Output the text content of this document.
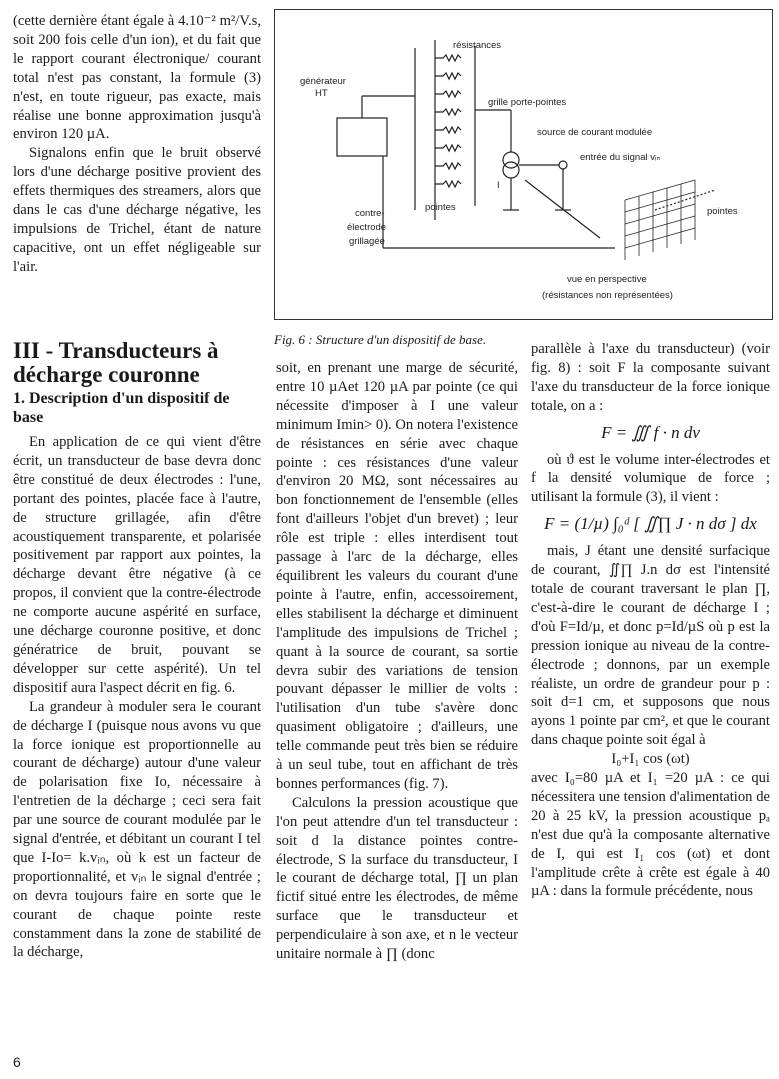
(cette dernière étant égale à 4.10⁻² m²/V.s, soit 200 fois celle d'un ion), et du fait que le rapport courant électronique/ courant total n'est pas constant, la formule (3) n'est, en toute rigueur, pas exacte, mais réalise une bonne approximation jusqu'à environ 120 µA.

Signalons enfin que le bruit observé lors d'une décharge positive provient des effets thermiques des streamers, alors que dans le cas d'une décharge négative, les impulsions de Trichel, étant de nature capacitive, ont un effet négligeable sur l'air.

III - Transducteurs à décharge couronne
1. Description d'un dispositif de base

En application de ce qui vient d'être écrit, un transducteur de base devra donc être constitué de deux électrodes : l'une, portant des pointes, placée face à l'autre, de structure grillagée, afin d'être acoustiquement transparente, et polarisée positivement par rapport aux pointes, la décharge devant être négative (à ce propos, il convient que la contre-électrode ne comporte aucune aspérité en surface, une décharge couronne positive, et donc génératrice de bruit, pouvant se développer sur cette aspérité). Un tel dispositif aura l'aspect décrit en fig. 6.

La grandeur à moduler sera le courant de décharge I (puisque nous avons vu que la force ionique est proportionnelle au courant de décharge) autour d'une valeur de polarisation fixe Io, nécessaire à l'entretien de la décharge ; ceci sera fait par une source de courant modulée par le signal d'entrée, et débitant un courant I tel que I-Io= k.vᵢₙ, où k est un facteur de proportionnalité, et vᵢₙ le signal d'entrée ; on devra toujours faire en sorte que le courant de chaque pointe reste constamment dans la zone de stabilité de la décharge,

résistances
générateur
HT
grille porte-pointes
source de courant modulée
entrée du signal vᵢₙ
I
pointes
contre-
électrode
grillagée
pointes
vue en perspective
(résistances non représentées)
Fig. 6 : Structure d'un dispositif de base.

soit, en prenant une marge de sécurité, entre 10 µAet 120 µA par pointe (ce qui nécessite d'imposer à I une valeur minimum Imin> 0). On notera l'existence de résistances en série avec chaque pointe : ces résistances d'une valeur d'environ 20 MΩ, sont nécessaires au bon fonctionnement de l'ensemble (elles font d'ailleurs l'objet d'un brevet) ; leur rôle est triple : elles interdisent tout passage à l'arc de la décharge, elles équilibrent les valeurs du courant d'une pointe à l'autre, enfin, accessoirement, elles stabilisent la décharge et diminuent l'amplitude des impulsions de Trichel ; quant à la source de courant, sa sortie devra subir des variations de tension pouvant dépasser le millier de volts : l'utilisation d'un tube s'avère donc quasiment obligatoire ; d'ailleurs, une telle commande peut très bien se réduire à un seul tube, tout en affichant de très bonnes performances (fig. 7).

Calculons la pression acoustique que l'on peut attendre d'un tel transducteur : soit d la distance pointes contre-électrode, S la surface du transducteur, I le courant de décharge total, ∏ un plan fictif situé entre les électrodes, de même surface que le transducteur et perpendiculaire à son axe, et n le vecteur unitaire normale à ∏ (donc

parallèle à l'axe du transducteur) (voir fig. 8) : soit F la composante suivant l'axe du transducteur de la force ionique totale, on a :

F = ∭ f · n dv

où ϑ est le volume inter-électrodes et f la densité volumique de force ; utilisant la formule (3), il vient :

F = (1/µ) ∫₀ᵈ [ ∬∏ J · n dσ ] dx

mais, J étant une densité surfacique de courant, ∬∏ J.n dσ est l'intensité totale de courant traversant le plan ∏, c'est-à-dire le courant de décharge I ; d'où F=Id/µ, et donc p=Id/µS où p est la pression ionique au niveau de la contre-électrode ; donnons, par un exemple réaliste, un ordre de grandeur pour p : soit d=1 cm, et supposons que nous ayons 1 pointe par cm², et que le courant dans chaque pointe soit égal à

I₀+I₁ cos (ωt)

avec I₀=80 µA et I₁ =20 µA : ce qui nécessitera une tension d'alimentation de 20 à 25 kV, la pression acoustique pₐ n'est due qu'à la composante alternative de I, qui est I₁ cos (ωt) et dont l'amplitude crête à crête est égale à 40 µA : dans la formule précédente, nous

6
